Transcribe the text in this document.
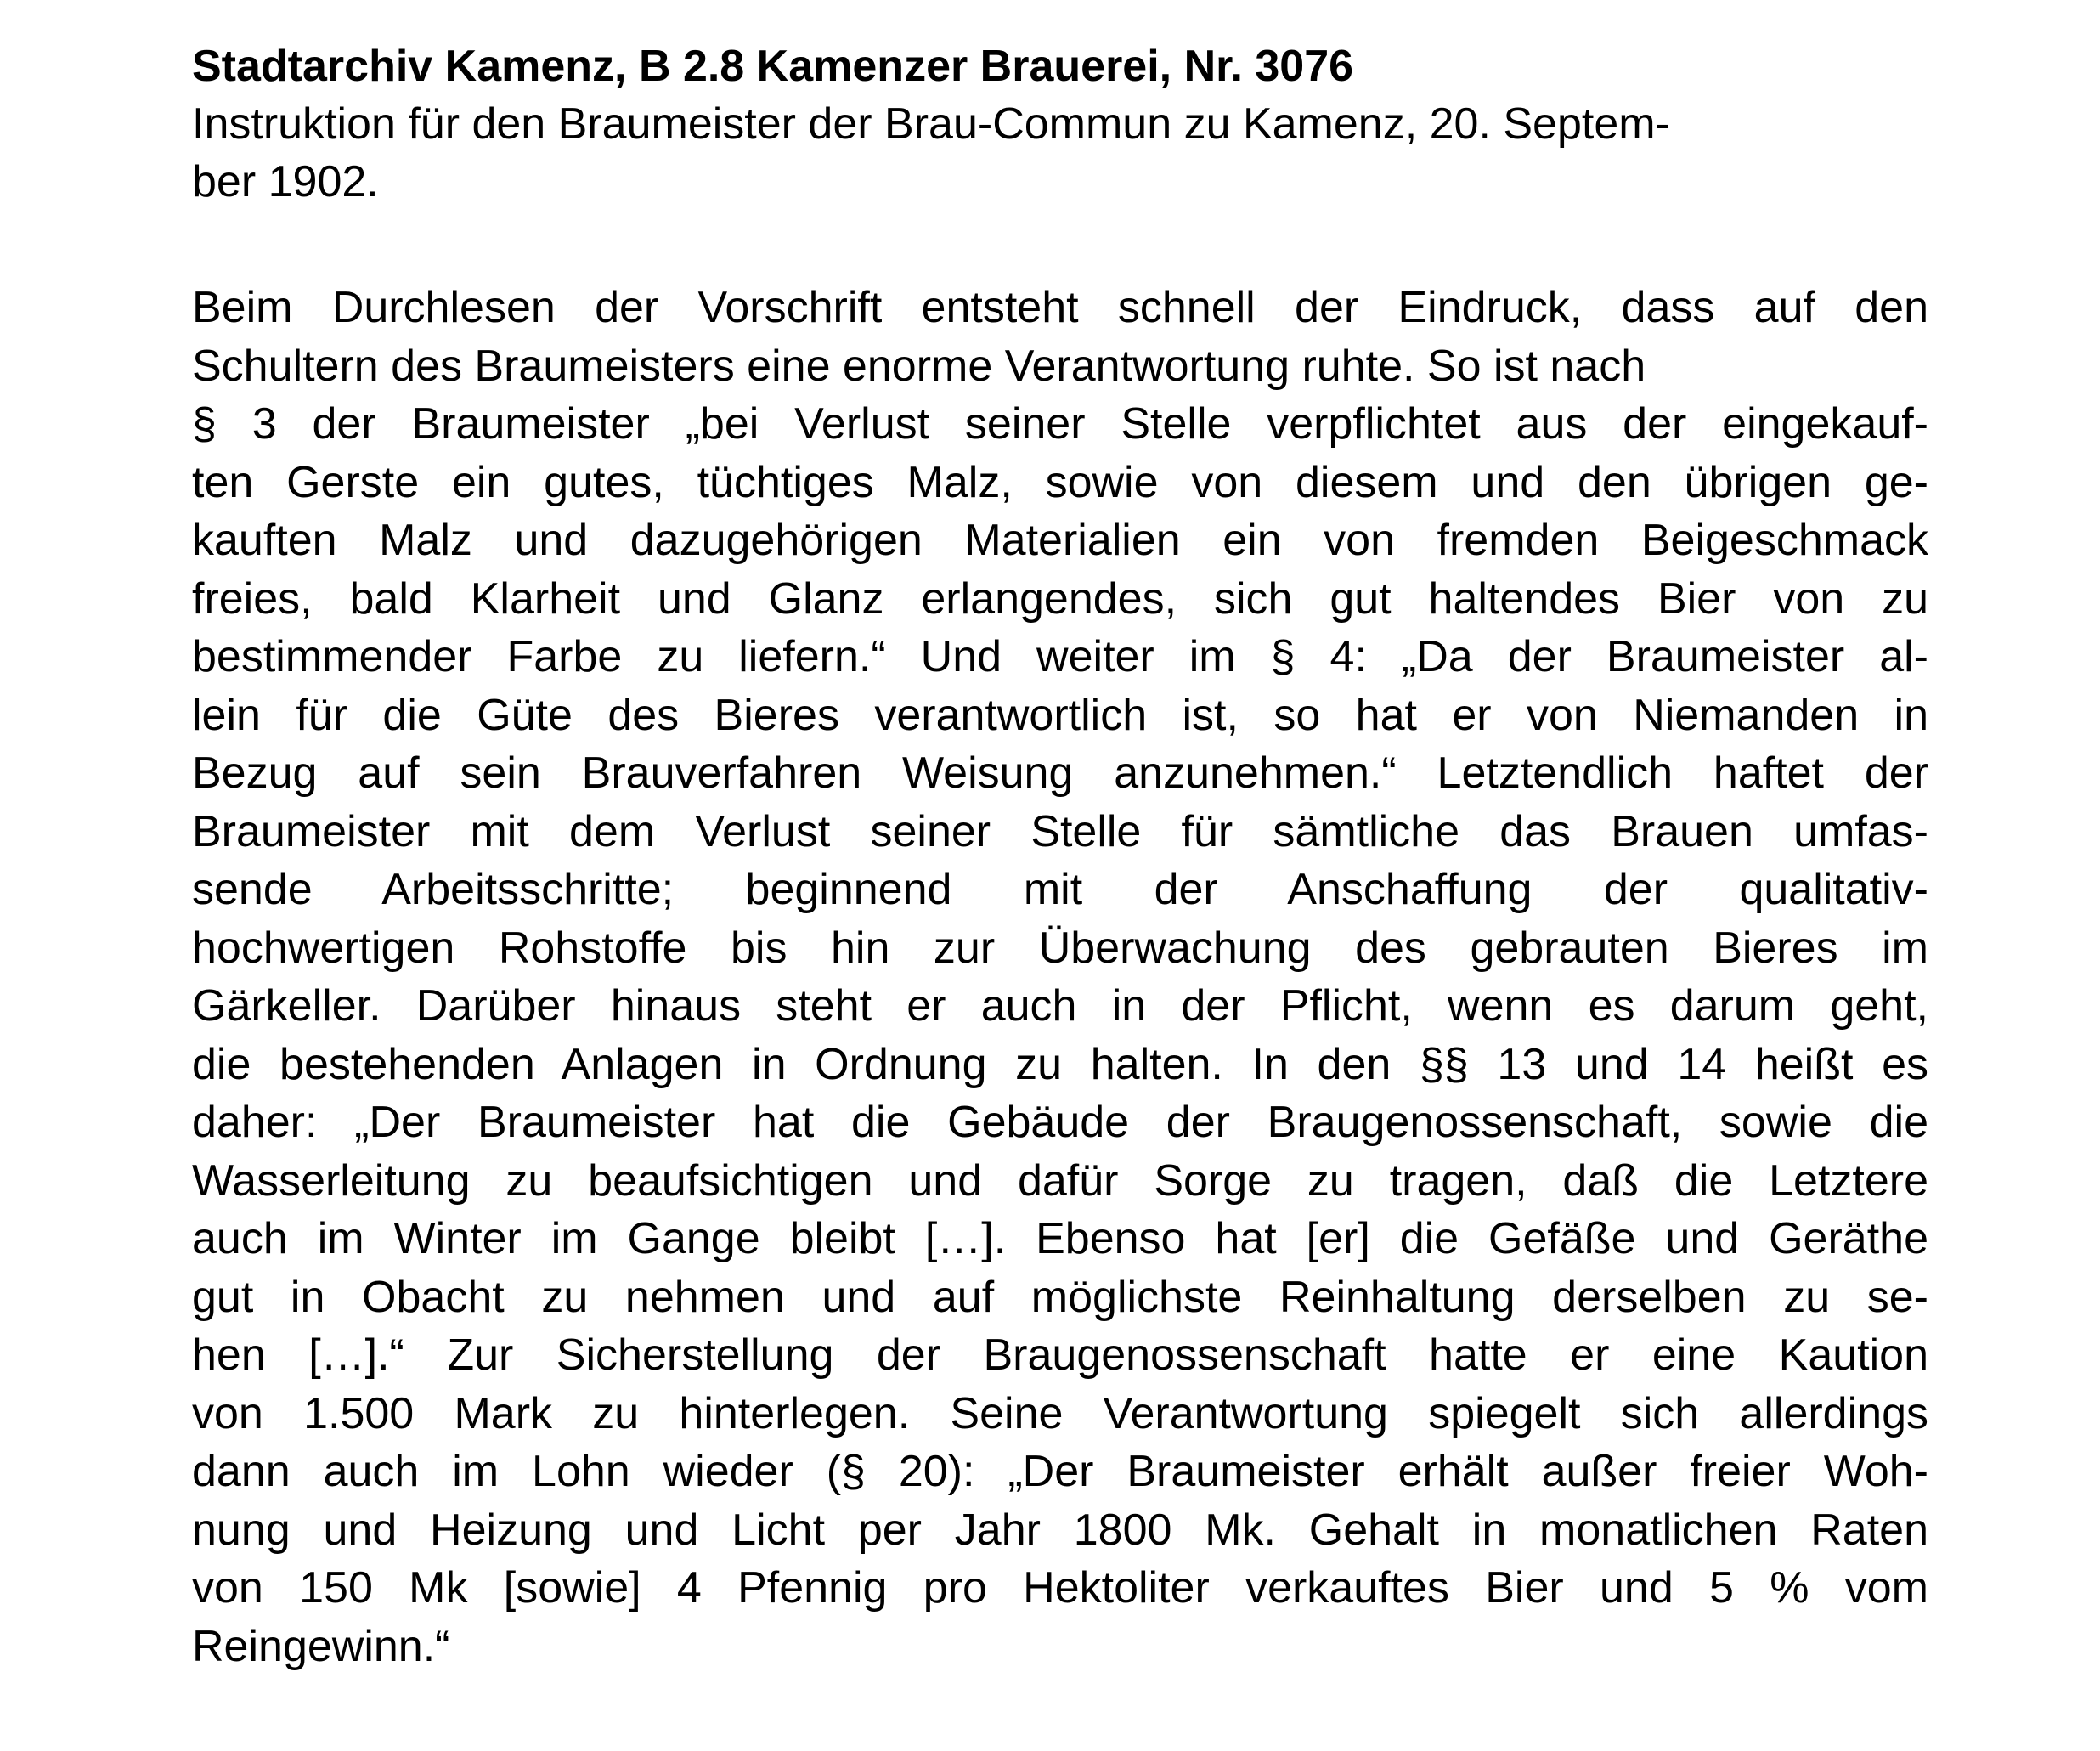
Stadtarchiv Kamenz, B 2.8 Kamenzer Brauerei, Nr. 3076
Instruktion für den Braumeister der Brau-Commun zu Kamenz, 20. Septem-
ber 1902.
Beim Durchlesen der Vorschrift entsteht schnell der Eindruck, dass auf den
Schultern des Braumeisters eine enorme Verantwortung ruhte. So ist nach
§ 3 der Braumeister „bei Verlust seiner Stelle verpflichtet aus der eingekauf-
ten Gerste ein gutes, tüchtiges Malz, sowie von diesem und den übrigen ge-
kauften Malz und dazugehörigen Materialien ein von fremden Beigeschmack
freies, bald Klarheit und Glanz erlangendes, sich gut haltendes Bier von zu
bestimmender Farbe zu liefern.“ Und weiter im § 4: „Da der Braumeister al-
lein für die Güte des Bieres verantwortlich ist, so hat er von Niemanden in
Bezug auf sein Brauverfahren Weisung anzunehmen.“ Letztendlich haftet der
Braumeister mit dem Verlust seiner Stelle für sämtliche das Brauen umfas-
sende Arbeitsschritte; beginnend mit der Anschaffung der qualitativ-
hochwertigen Rohstoffe bis hin zur Überwachung des gebrauten Bieres im
Gärkeller. Darüber hinaus steht er auch in der Pflicht, wenn es darum geht,
die bestehenden Anlagen in Ordnung zu halten. In den §§ 13 und 14 heißt es
daher: „Der Braumeister hat die Gebäude der Braugenossenschaft, sowie die
Wasserleitung zu beaufsichtigen und dafür Sorge zu tragen, daß die Letztere
auch im Winter im Gange bleibt […]. Ebenso hat [er] die Gefäße und Geräthe
gut in Obacht zu nehmen und auf möglichste Reinhaltung derselben zu se-
hen […].“ Zur Sicherstellung der Braugenossenschaft hatte er eine Kaution
von 1.500 Mark zu hinterlegen. Seine Verantwortung spiegelt sich allerdings
dann auch im Lohn wieder (§ 20): „Der Braumeister erhält außer freier Woh-
nung und Heizung und Licht per Jahr 1800 Mk. Gehalt in monatlichen Raten
von 150 Mk [sowie] 4 Pfennig pro Hektoliter verkauftes Bier und 5 % vom
Reingewinn.“
